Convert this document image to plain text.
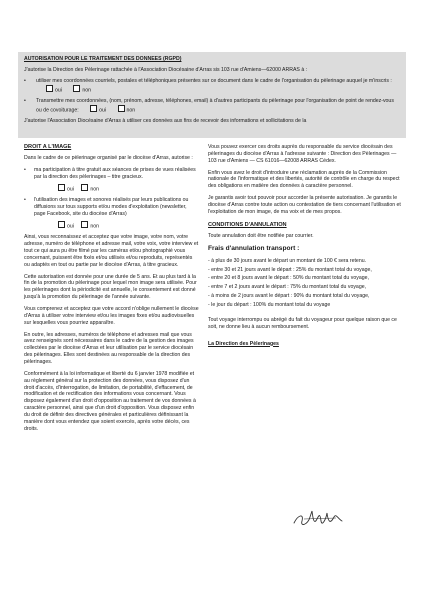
AUTORISATION POUR LE TRAITEMENT DES DONNEES (RGPD)
J'autorise la Direction des Pèlerinage rattachée à l'Association Diocésaine d'Arras sis 103 rue d'Amiens—62000 ARRAS à :
•	utiliser mes coordonnées courriels, postales et téléphoniques présentes sur ce document dans le cadre de l'organisation du pèlerinage auquel je m'inscris : oui	non
•	Transmettre mes coordonnées, (nom, prénom, adresse, téléphones, email) à d'autres participants du pèlerinage pour l'organisation de point de rendez-vous ou de covoiturage:	oui	non
J'autorise l'Association Diocésaine d'Arras à utiliser ces données aux fins de recevoir des informations et sollicitations de la
DROIT A L'IMAGE
Dans le cadre de ce pèlerinage organisé par le diocèse d'Arras, autorise :
•	ma participation à titre gratuit aux séances de prises de vues réalisées par la direction des pèlerinages – titre gracieux.
oui	non
•	l'utilisation des images et sonores réalisés par leurs publications ou diffusions sur tous supports et/ou modes d'exploitation (newsletter, page Facebook, site du diocèse d'Arras)
oui	non
Ainsi, vous reconnaissez et acceptez que votre image, votre nom, votre adresse, numéro de téléphone et adresse mail, votre voix, votre interview et tout ce qui aura pu être filmé par les caméras et/ou photographié vous concernant, puissent être fixés et/ou utilisés et/ou reproduits, représentés ou adaptés en tout ou partie par le diocèse d'Arras, à titre gracieux.
Cette autorisation est donnée pour une durée de 5 ans. Et au plus tard à la fin de la promotion du pèlerinage pour lequel mon image sera utilisée. Pour les pèlerinages dont la périodicité est annuelle, le consentement est donné jusqu'à la promotion du pèlerinage de l'année suivante.
Vous comprenez et acceptez que votre accord n'oblige nullement le diocèse d'Arras à utiliser votre interview et/ou les images fixes et/ou audiovisuelles sur lesquelles vous pourriez apparaître.
En outre, les adresses, numéros de téléphone et adresses mail que vous avez renseignés sont nécessaires dans le cadre de la gestion des images collectées par le diocèse d'Arras et leur utilisation par le service diocésain des pèlerinages. Elles sont destinées au responsable de la direction des pèlerinages.
Conformément à la loi informatique et liberté du 6 janvier 1978 modifiée et au règlement général sur la protection des données, vous disposez d'un droit d'accès, d'interrogation, de limitation, de portabilité, d'effacement, de modification et de rectification des informations vous concernant. Vous disposez également d'un droit d'opposition au traitement de vos données à caractère personnel, ainsi que d'un droit d'opposition. Vous disposez enfin du droit de définir des directives générales et particulières définissant la manière dont vous entendez que soient exercés, après votre décès, ces droits.
Vous pouvez exercer ces droits auprès du responsable du service diocésain des pèlerinages du diocèse d'Arras à l'adresse suivante : Direction des Pèlerinages — 103 rue d'Amiens — CS 61016—62008 ARRAS Cédex.
Enfin vous avez le droit d'introduire une réclamation auprès de la Commission nationale de l'informatique et des libertés, autorité de contrôle en charge du respect des obligations en matière des données à caractère personnel.
Je garantis avoir tout pouvoir pour accorder la présente autorisation. Je garantis le diocèse d'Arras contre toute action ou contestation de tiers concernant l'utilisation et l'exploitation de mon image, de ma voix et de mes propos.
CONDITIONS D'ANNULATION
Toute annulation doit être notifiée par courrier.
Frais d'annulation transport :
- à plus de 30 jours avant le départ un montant de 100 € sera retenu.
- entre 30 et 21 jours avant le départ : 25% du montant total du voyage,
- entre 20 et 8 jours avant le départ : 50% du montant total du voyage,
- entre 7 et 2 jours avant le départ : 75% du montant total du voyage,
- à moins de 2 jours avant le départ : 90% du montant total du voyage,
- le jour du départ : 100% du montant total du voyage
Tout voyage interrompu ou abrégé du fait du voyageur pour quelque raison que ce soit, ne donne lieu à aucun remboursement.
La Direction des Pèlerinages
